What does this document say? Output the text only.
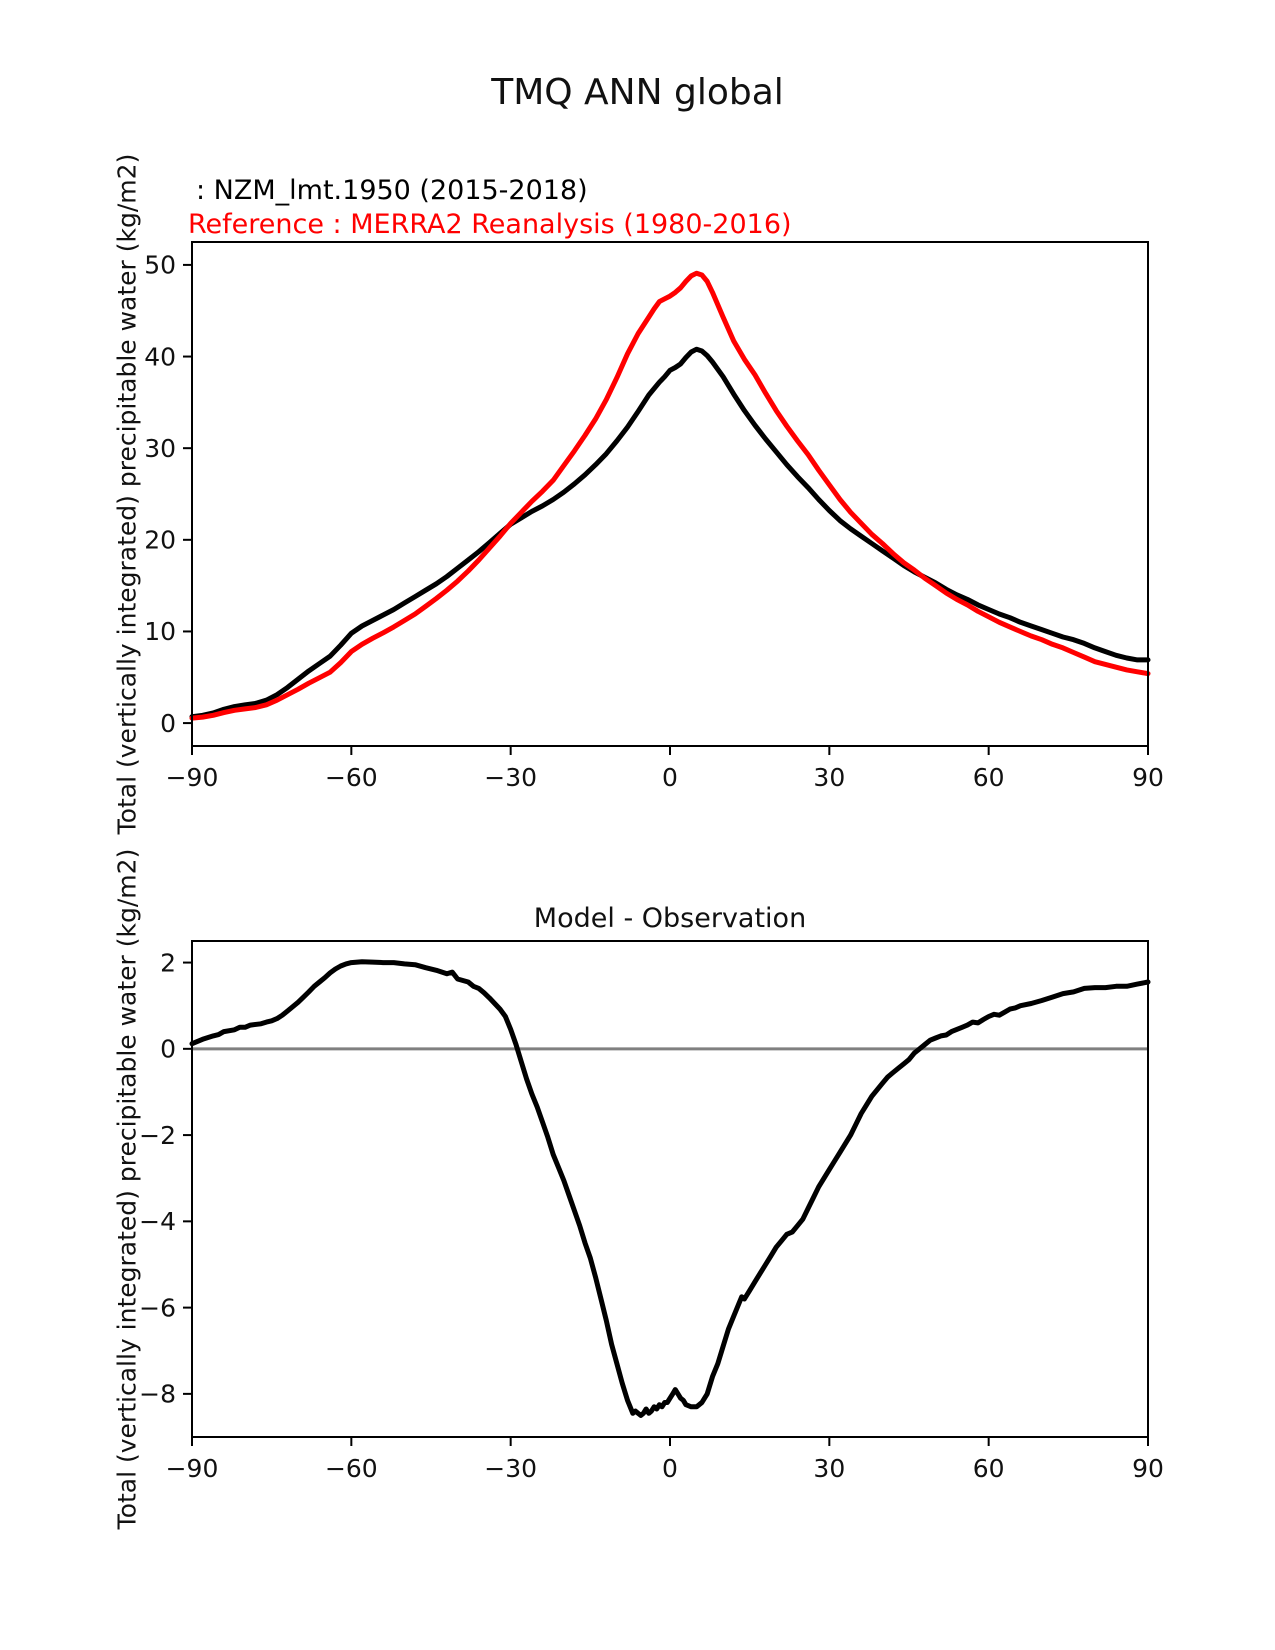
TMQ ANN global
: NZM_lmt.1950 (2015-2018)
Reference : MERRA2 Reanalysis (1980-2016)
Model - Observation
Total (vertically integrated) precipitable water (kg/m2)
Total (vertically integrated) precipitable water (kg/m2)
−90	−60	−30	0	30	60	90
0
10
20
30
40
50
−90	−60	−30	0	30	60	90
2
0
−2
−4
−6
−8
